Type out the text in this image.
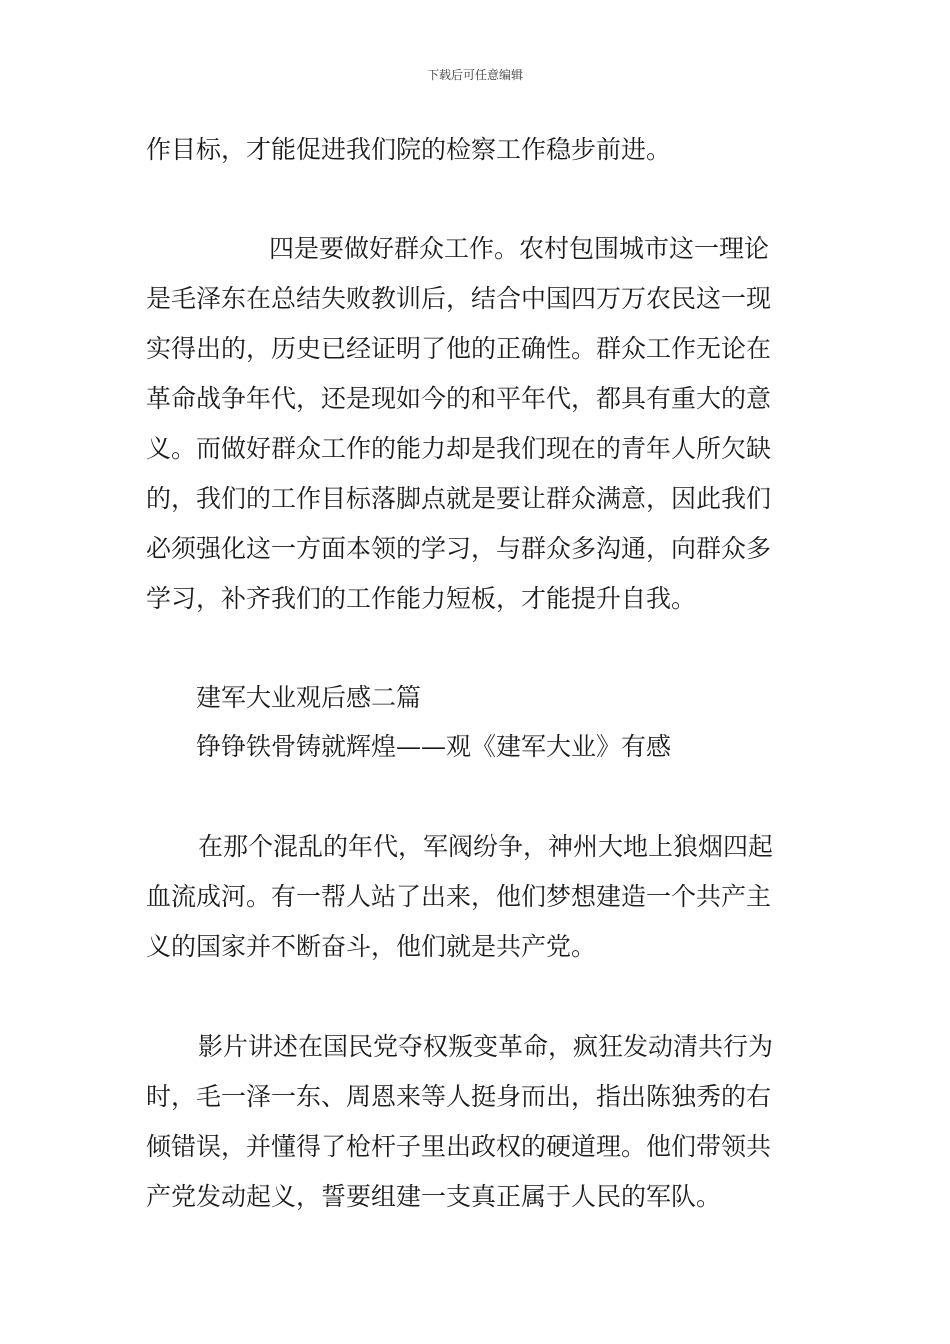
下载后可任意编辑
作目标，才能促进我们院的检察工作稳步前进。
四是要做好群众工作。农村包围城市这一理论
是毛泽东在总结失败教训后，结合中国四万万农民这一现
实得出的，历史已经证明了他的正确性。群众工作无论在
革命战争年代，还是现如今的和平年代，都具有重大的意
义。而做好群众工作的能力却是我们现在的青年人所欠缺
的，我们的工作目标落脚点就是要让群众满意，因此我们
必须强化这一方面本领的学习，与群众多沟通，向群众多
学习，补齐我们的工作能力短板，才能提升自我。
建军大业观后感二篇
铮铮铁骨铸就辉煌——观《建军大业》有感
在那个混乱的年代，军阀纷争，神州大地上狼烟四起
血流成河。有一帮人站了出来，他们梦想建造一个共产主
义的国家并不断奋斗，他们就是共产党。
影片讲述在国民党夺权叛变革命，疯狂发动清共行为
时，毛一泽一东、周恩来等人挺身而出，指出陈独秀的右
倾错误，并懂得了枪杆子里出政权的硬道理。他们带领共
产党发动起义，誓要组建一支真正属于人民的军队。
